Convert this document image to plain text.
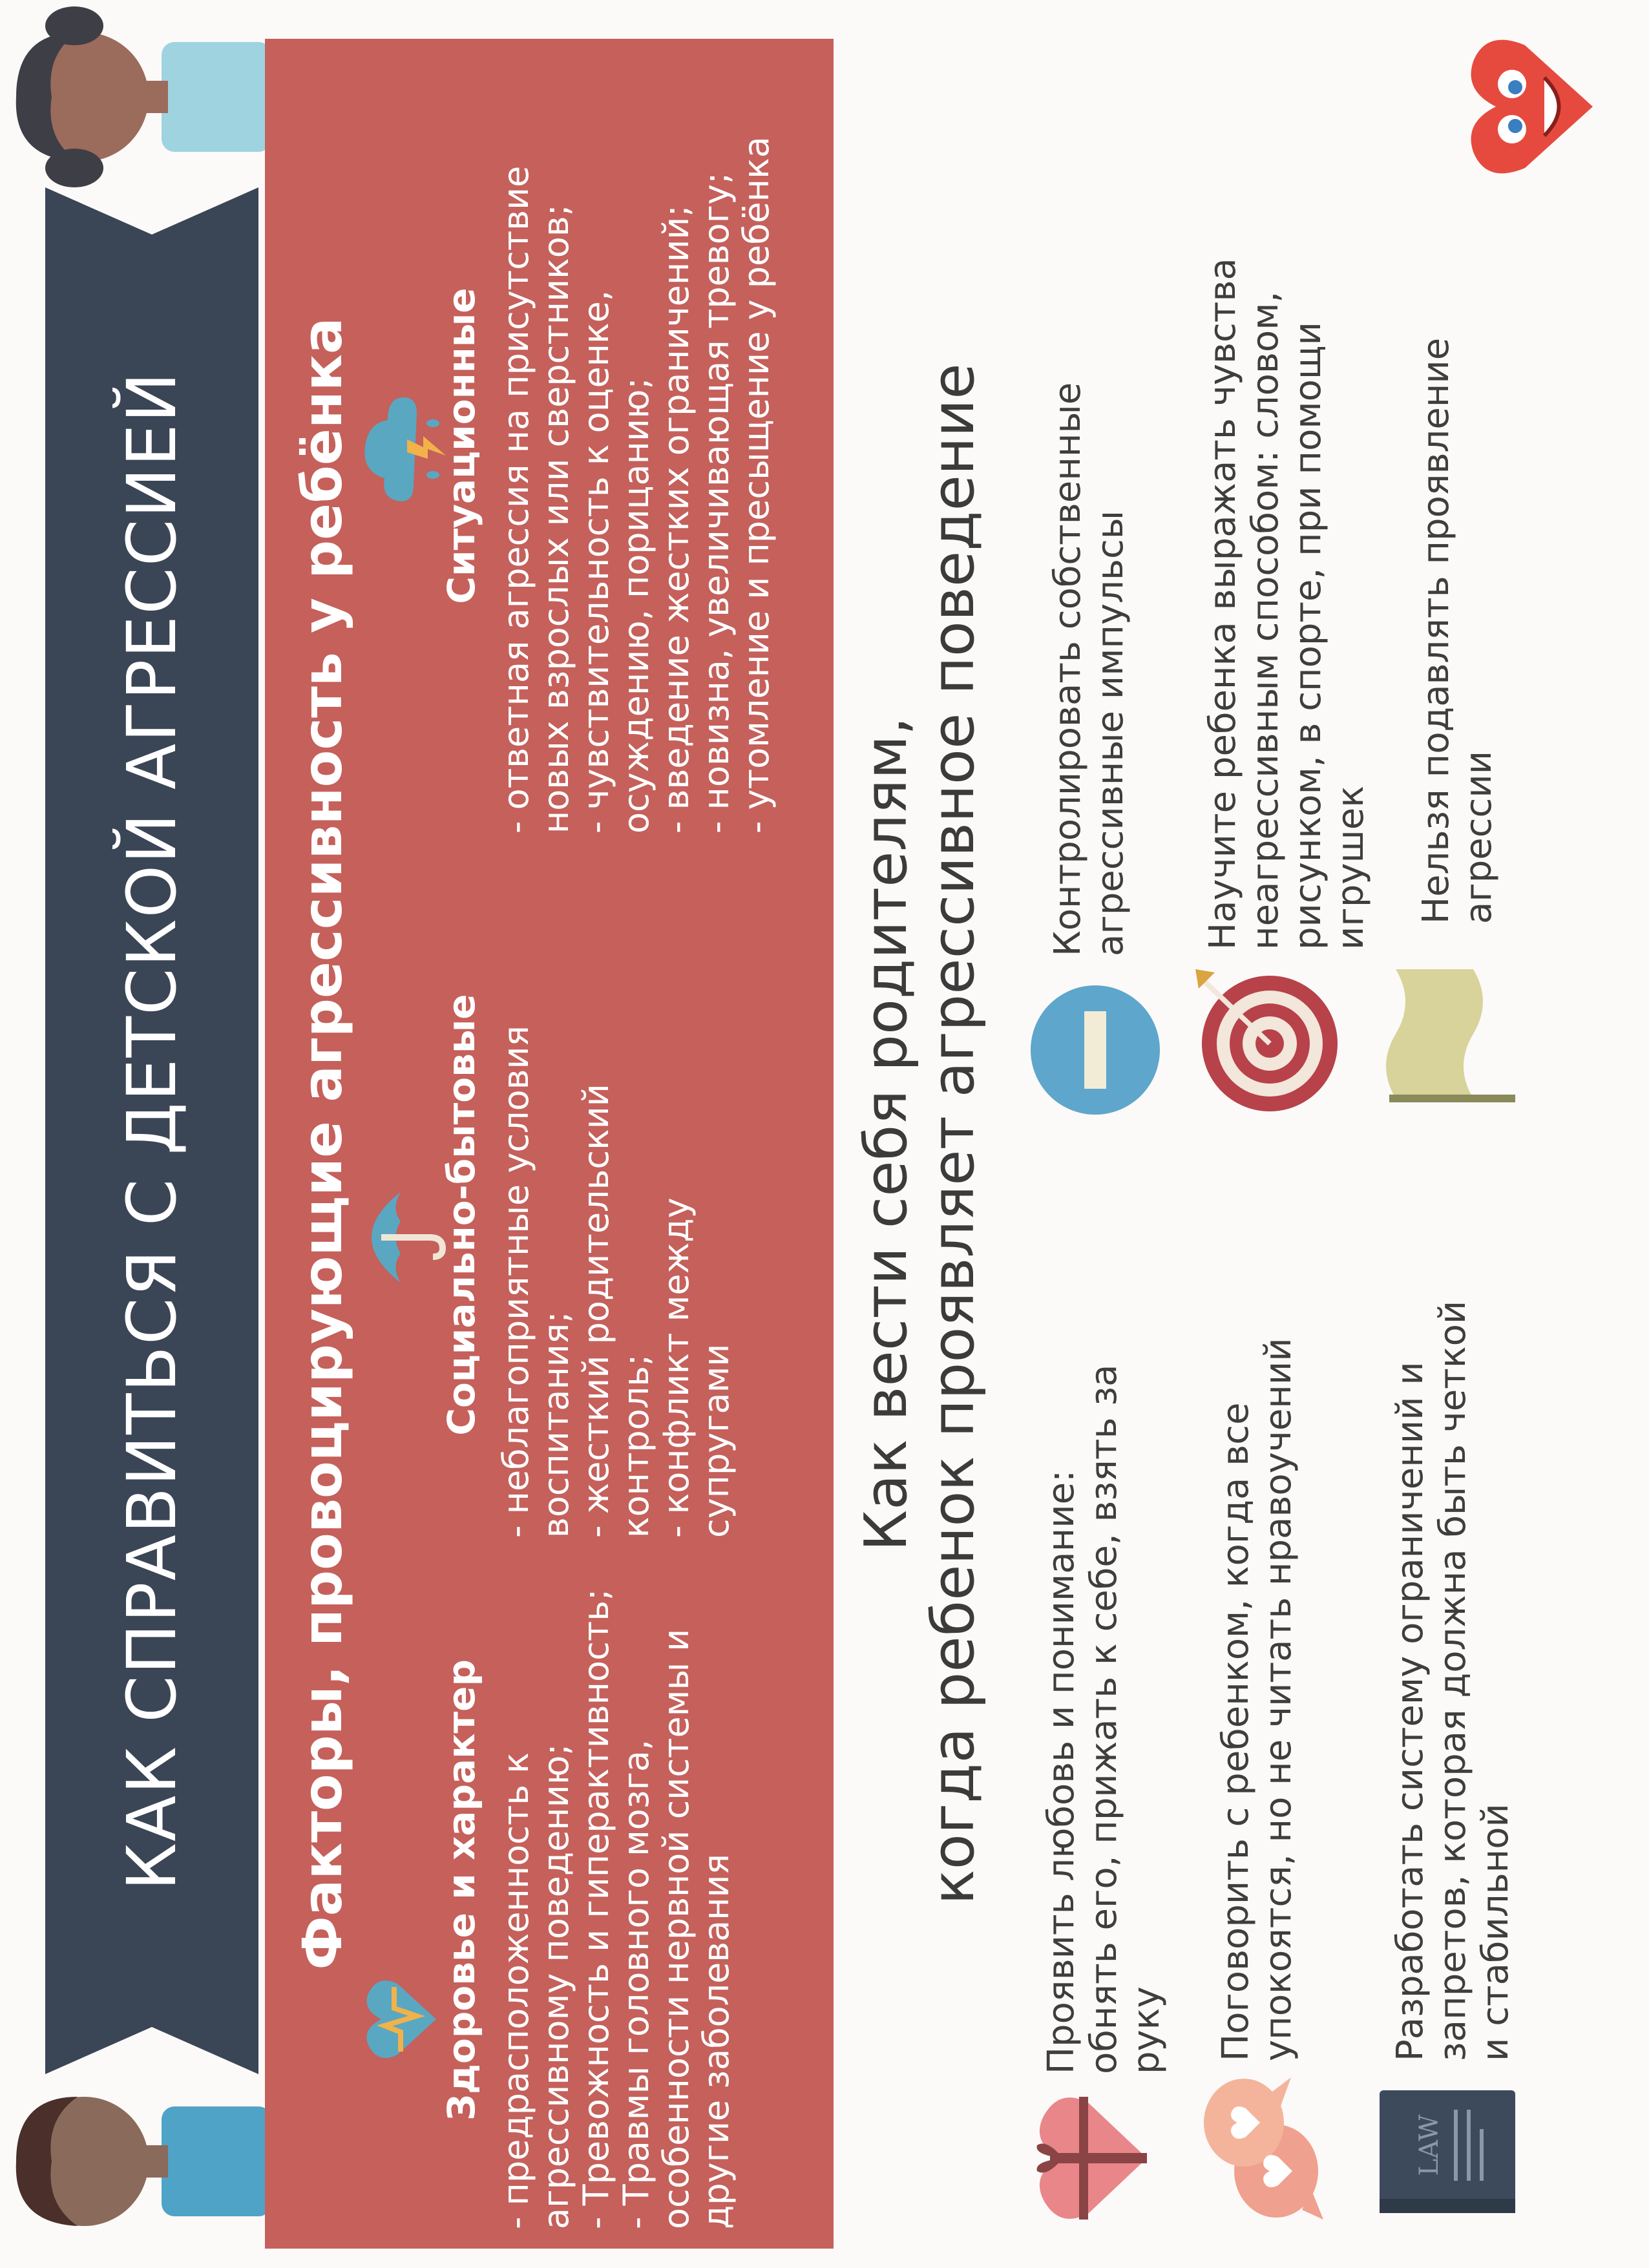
КАК СПРАВИТЬСЯ С ДЕТСКОЙ АГРЕССИЕЙ	Факторы, провоцирующие агрессивность у ребёнка Здоровье и характер - предрасположенность к агрессивному поведению; - Тревожность и гиперактивность; - Травмы головного мозга, особенности нервной системы и другие заболевания
Социально-бытовые - неблагоприятные условия воспитания; - жесткий родительский контроль; - конфликт между супругами
Ситуационные - ответная агрессия на присутствие новых взрослых или сверстников; - чувствительность к оценке, осуждению, порицанию; - введение жестких ограничений; - новизна, увеличивающая тревогу; - утомление и пресыщение у ребёнка
Как вести себя родителям, когда ребенок проявляет агрессивное поведение Проявить любовь и понимание: обнять его, прижать к себе, взять за руку
Контролировать собственные агрессивные импульсы
Поговорить с ребенком, когда все упокоятся, но не читать нравоучений
Научите ребенка выражать чувства неагрессивным способом: словом, рисунком, в спорте, при помощи игрушек
LAW
Разработать систему ограничений и запретов, которая должна быть четкой и стабильной
Нельзя подавлять проявление агрессии
